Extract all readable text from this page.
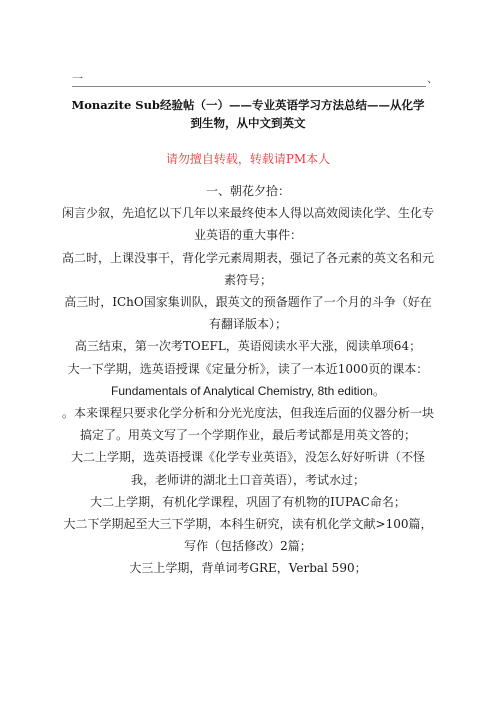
一	、
Monazite Sub经验帖（一）——专业英语学习方法总结——从化学到生物，从中文到英文
请勿擅自转载，转载请PM本人

一、朝花夕拾：

闲言少叙，先追忆以下几年以来最终使本人得以高效阅读化学、生化专业英语的重大事件：

高二时，上课没事干，背化学元素周期表，强记了各元素的英文名和元素符号；

高三时，IChO国家集训队，跟英文的预备题作了一个月的斗争（好在有翻译版本）；

高三结束，第一次考TOEFL，英语阅读水平大涨，阅读单项64；

大一下学期，选英语授课《定量分析》，读了一本近1000页的课本：

Fundamentals of Analytical Chemistry, 8th edition。

。本来课程只要求化学分析和分光光度法，但我连后面的仪器分析一块搞定了。用英文写了一个学期作业，最后考试都是用英文答的；

大二上学期，选英语授课《化学专业英语》，没怎么好好听讲（不怪我，老师讲的湖北土口音英语），考试水过；

大二上学期，有机化学课程，巩固了有机物的IUPAC命名；

大二下学期起至大三下学期，本科生研究，读有机化学文献>100篇，写作（包括修改）2篇；

大三上学期，背单词考GRE，Verbal 590；
